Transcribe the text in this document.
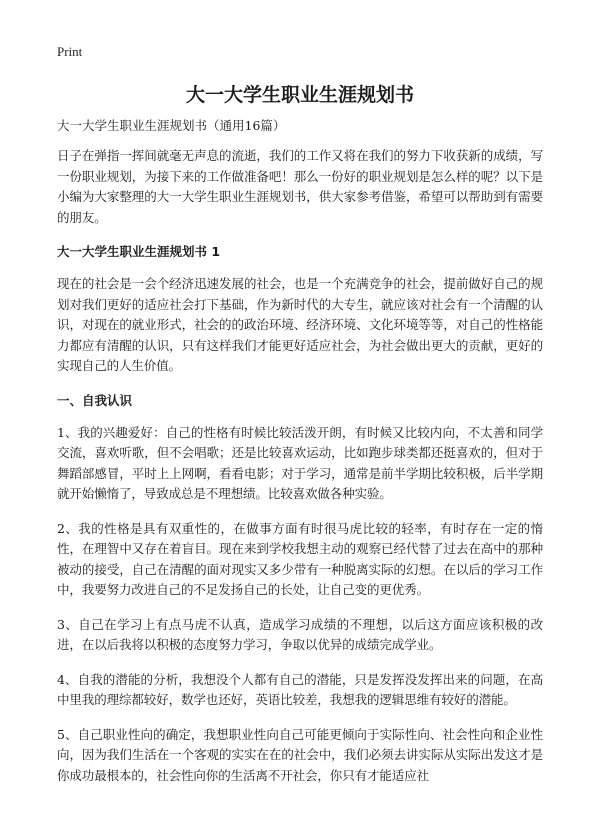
Print
大一大学生职业生涯规划书
大一大学生职业生涯规划书（通用16篇）

日子在弹指一挥间就毫无声息的流逝，我们的工作又将在我们的努力下收获新的成绩，写一份职业规划，为接下来的工作做准备吧！那么一份好的职业规划是怎么样的呢？以下是小编为大家整理的大一大学生职业生涯规划书，供大家参考借鉴，希望可以帮助到有需要的朋友。

大一大学生职业生涯规划书 1

现在的社会是一会个经济迅速发展的社会，也是一个充满竞争的社会，提前做好自己的规划对我们更好的适应社会打下基础，作为新时代的大专生，就应该对社会有一个清醒的认识，对现在的就业形式，社会的的政治环境、经济环境、文化环境等等，对自己的性格能力都应有清醒的认识，只有这样我们才能更好适应社会，为社会做出更大的贡献，更好的实现自己的人生价值。

一、自我认识

1、我的兴趣爱好：自己的性格有时候比较活泼开朗，有时候又比较内向，不太善和同学交流，喜欢听歌，但不会唱歌；还是比较喜欢运动，比如跑步球类都还挺喜欢的，但对于舞蹈部感冒，平时上上网啊，看看电影；对于学习，通常是前半学期比较积极，后半学期就开始懒惰了，导致成总是不理想绩。比较喜欢做各种实验。

2、我的性格是具有双重性的，在做事方面有时很马虎比较的轻率，有时存在一定的惰性，在理智中又存在着盲目。现在来到学校我想主动的观察已经代替了过去在高中的那种被动的接受，自己在清醒的面对现实又多少带有一种脱离实际的幻想。在以后的学习工作中，我要努力改进自己的不足发扬自己的长处，让自己变的更优秀。

3、自己在学习上有点马虎不认真，造成学习成绩的不理想，以后这方面应该积极的改进，在以后我将以积极的态度努力学习，争取以优异的成绩完成学业。

4、自我的潜能的分析，我想没个人都有自己的潜能，只是发挥没发挥出来的问题，在高中里我的理综都较好，数学也还好，英语比较差，我想我的逻辑思维有较好的潜能。

5、自己职业性向的确定，我想职业性向自己可能更倾向于实际性向、社会性向和企业性向，因为我们生活在一个客观的实实在在的社会中，我们必须去讲实际从实际出发这才是你成功最根本的，社会性向你的生活离不开社会，你只有才能适应社
